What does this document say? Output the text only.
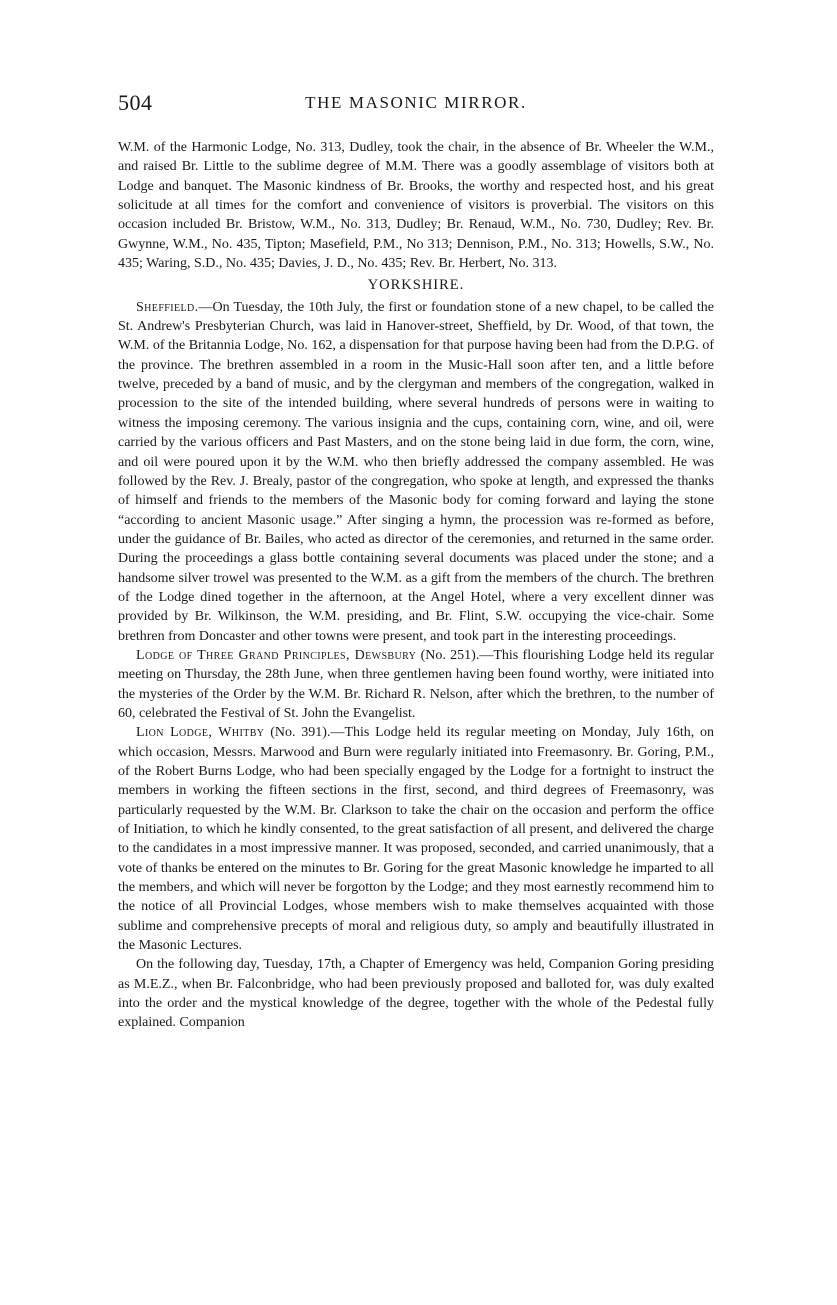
504	THE MASONIC MIRROR.

W.M. of the Harmonic Lodge, No. 313, Dudley, took the chair, in the absence of Br. Wheeler the W.M., and raised Br. Little to the sublime degree of M.M. There was a goodly assemblage of visitors both at Lodge and banquet. The Masonic kindness of Br. Brooks, the worthy and respected host, and his great solicitude at all times for the comfort and convenience of visitors is proverbial. The visitors on this occasion included Br. Bristow, W.M., No. 313, Dudley; Br. Renaud, W.M., No. 730, Dudley; Rev. Br. Gwynne, W.M., No. 435, Tipton; Masefield, P.M., No 313; Dennison, P.M., No. 313; Howells, S.W., No. 435; Waring, S.D., No. 435; Davies, J. D., No. 435; Rev. Br. Herbert, No. 313.

YORKSHIRE.

Sheffield.—On Tuesday, the 10th July, the first or foundation stone of a new chapel, to be called the St. Andrew's Presbyterian Church, was laid in Hanover-street, Sheffield, by Dr. Wood, of that town, the W.M. of the Britannia Lodge, No. 162, a dispensation for that purpose having been had from the D.P.G. of the province. The brethren assembled in a room in the Music-Hall soon after ten, and a little before twelve, preceded by a band of music, and by the clergyman and members of the congregation, walked in procession to the site of the intended building, where several hundreds of persons were in waiting to witness the imposing ceremony. The various insignia and the cups, containing corn, wine, and oil, were carried by the various officers and Past Masters, and on the stone being laid in due form, the corn, wine, and oil were poured upon it by the W.M. who then briefly addressed the company assembled. He was followed by the Rev. J. Brealy, pastor of the congregation, who spoke at length, and expressed the thanks of himself and friends to the members of the Masonic body for coming forward and laying the stone “according to ancient Masonic usage.” After singing a hymn, the procession was re-formed as before, under the guidance of Br. Bailes, who acted as director of the ceremonies, and returned in the same order. During the proceedings a glass bottle containing several documents was placed under the stone; and a handsome silver trowel was presented to the W.M. as a gift from the members of the church. The brethren of the Lodge dined together in the afternoon, at the Angel Hotel, where a very excellent dinner was provided by Br. Wilkinson, the W.M. presiding, and Br. Flint, S.W. occupying the vice-chair. Some brethren from Doncaster and other towns were present, and took part in the interesting proceedings.

Lodge of Three Grand Principles, Dewsbury (No. 251).—This flourishing Lodge held its regular meeting on Thursday, the 28th June, when three gentlemen having been found worthy, were initiated into the mysteries of the Order by the W.M. Br. Richard R. Nelson, after which the brethren, to the number of 60, celebrated the Festival of St. John the Evangelist.

Lion Lodge, Whitby (No. 391).—This Lodge held its regular meeting on Monday, July 16th, on which occasion, Messrs. Marwood and Burn were regularly initiated into Freemasonry. Br. Goring, P.M., of the Robert Burns Lodge, who had been specially engaged by the Lodge for a fortnight to instruct the members in working the fifteen sections in the first, second, and third degrees of Freemasonry, was particularly requested by the W.M. Br. Clarkson to take the chair on the occasion and perform the office of Initiation, to which he kindly consented, to the great satisfaction of all present, and delivered the charge to the candidates in a most impressive manner. It was proposed, seconded, and carried unanimously, that a vote of thanks be entered on the minutes to Br. Goring for the great Masonic knowledge he imparted to all the members, and which will never be forgotton by the Lodge; and they most earnestly recommend him to the notice of all Provincial Lodges, whose members wish to make themselves acquainted with those sublime and comprehensive precepts of moral and religious duty, so amply and beautifully illustrated in the Masonic Lectures.

On the following day, Tuesday, 17th, a Chapter of Emergency was held, Companion Goring presiding as M.E.Z., when Br. Falconbridge, who had been previously proposed and balloted for, was duly exalted into the order and the mystical knowledge of the degree, together with the whole of the Pedestal fully explained. Companion
